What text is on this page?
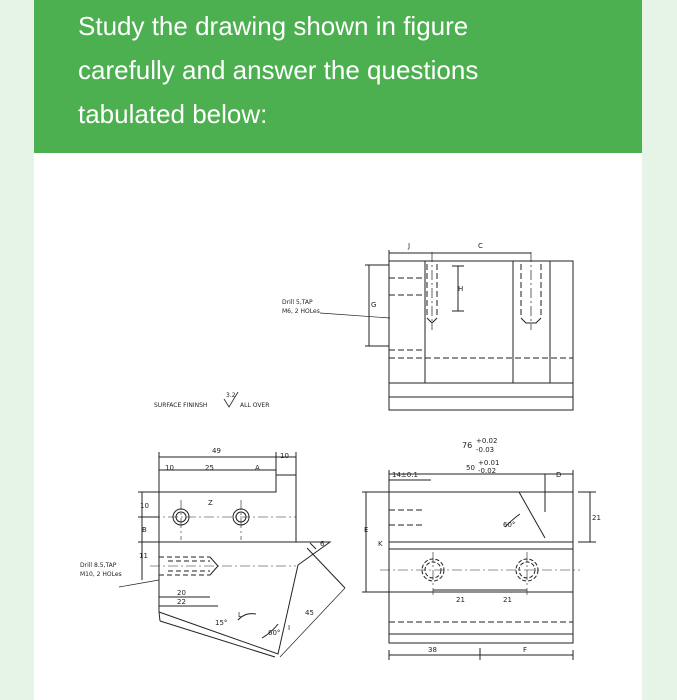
Study the drawing shown in figure
carefully and answer the questions
tabulated below:
J	C
G
H
Drill 5,TAP
M6, 2 HOLes
SURFACE FININSH
3.2
ALL OVER
49
10
10	25	A
10	Z
B
11
20
22
15°
L
60°
45
6
I
Drill 8.5,TAP
M10, 2 HOLes
76 +0.02
-0.03
50
+0.01
-0.02
14±0.1	D
21
60°
E
K
21	21
38	F
